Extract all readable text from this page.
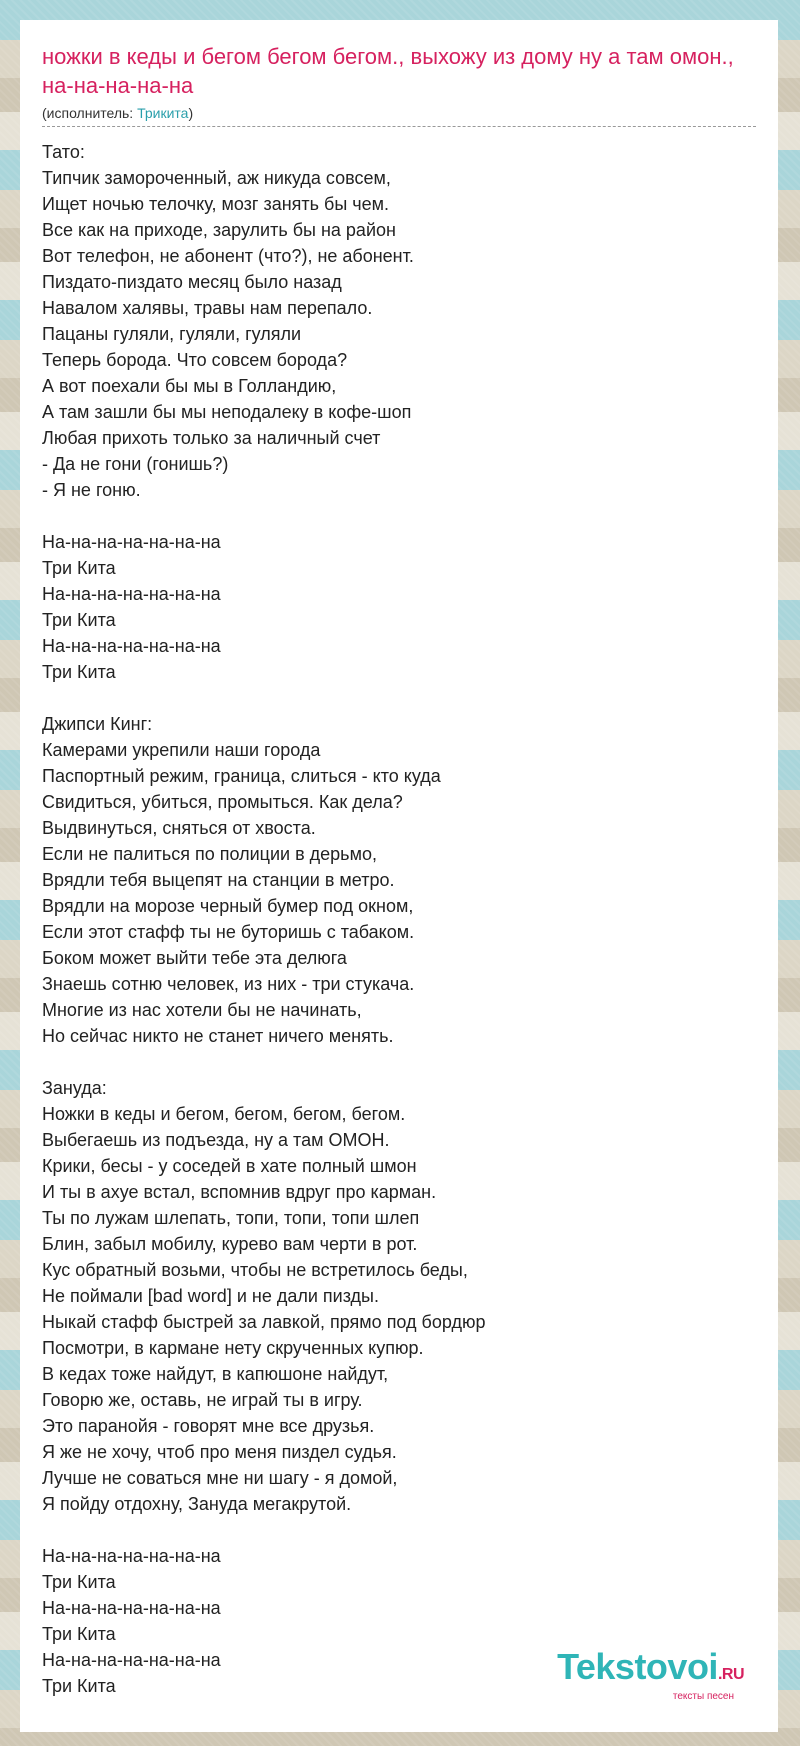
ножки в кеды и бегом бегом бегом., выхожу из дому ну а там омон., на-на-на-на-на
(исполнитель: Трикита)
Тато:
Типчик замороченный, аж никуда совсем,
Ищет ночью телочку, мозг занять бы чем.
Все как на приходе, зарулить бы на район
Вот телефон, не абонент (что?), не абонент.
Пиздато-пиздато месяц было назад
Навалом халявы, травы нам перепало.
Пацаны гуляли, гуляли, гуляли
Теперь борода. Что совсем борода?
А вот поехали бы мы в Голландию,
А там зашли бы мы неподалеку в кофе-шоп
Любая прихоть только за наличный счет
- Да не гони (гонишь?)
- Я не гоню.
На-на-на-на-на-на-на
Три Кита
На-на-на-на-на-на-на
Три Кита
На-на-на-на-на-на-на
Три Кита
Джипси Кинг:
Камерами укрепили наши города
Паспортный режим, граница, слиться - кто куда
Свидиться, убиться, промыться. Как дела?
Выдвинуться, сняться от хвоста.
Если не палиться по полиции в дерьмо,
Врядли тебя выцепят на станции в метро.
Врядли на морозе черный бумер под окном,
Если этот стафф ты не буторишь с табаком.
Боком может выйти тебе эта делюга
Знаешь сотню человек, из них - три стукача.
Многие из нас хотели бы не начинать,
Но сейчас никто не станет ничего менять.
Зануда:
Ножки в кеды и бегом, бегом, бегом, бегом.
Выбегаешь из подъезда, ну а там ОМОН.
Крики, бесы - у соседей в хате полный шмон
И ты в ахуе встал, вспомнив вдруг про карман.
Ты по лужам шлепать, топи, топи, топи шлеп
Блин, забыл мобилу, курево вам черти в рот.
Кус обратный возьми, чтобы не встретилось беды,
Не поймали [bad word] и не дали пизды.
Ныкай стафф быстрей за лавкой, прямо под бордюр
Посмотри, в кармане нету скрученных купюр.
В кедах тоже найдут, в капюшоне найдут,
Говорю же, оставь, не играй ты в игру.
Это паранойя - говорят мне все друзья.
Я же не хочу, чтоб про меня пиздел судья.
Лучше не соваться мне ни шагу - я домой,
Я пойду отдохну, Зануда мегакрутой.
На-на-на-на-на-на-на
Три Кита
На-на-на-на-на-на-на
Три Кита
На-на-на-на-на-на-на
Три Кита	Tekstovoi.RU
тексты песен
